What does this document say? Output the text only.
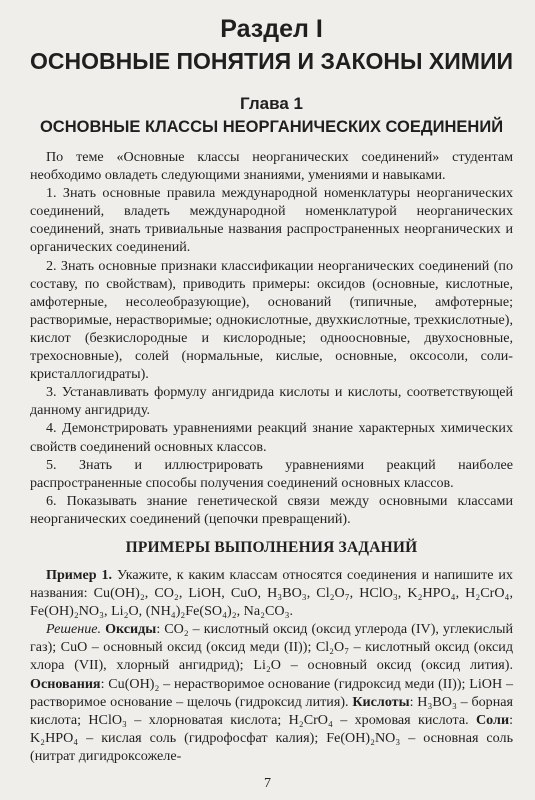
Раздел I
ОСНОВНЫЕ ПОНЯТИЯ И ЗАКОНЫ ХИМИИ
Глава 1
ОСНОВНЫЕ КЛАССЫ НЕОРГАНИЧЕСКИХ СОЕДИНЕНИЙ

По теме «Основные классы неорганических соединений» студентам необходимо овладеть следующими знаниями, умениями и навыками.

1. Знать основные правила международной номенклатуры неорганических соединений, владеть международной номенклатурой неорганических соединений, знать тривиальные названия распространенных неорганических и органических соединений.

2. Знать основные признаки классификации неорганических соединений (по составу, по свойствам), приводить примеры: оксидов (основные, кислотные, амфотерные, несолеобразующие), оснований (типичные, амфотерные; растворимые, нерастворимые; однокислотные, двухкислотные, трехкислотные), кислот (безкислородные и кислородные; одноосновные, двухосновные, трехосновные), солей (нормальные, кислые, основные, оксосоли, соли-кристаллогидраты).

3. Устанавливать формулу ангидрида кислоты и кислоты, соответствующей данному ангидриду.

4. Демонстрировать уравнениями реакций знание характерных химических свойств соединений основных классов.

5. Знать и иллюстрировать уравнениями реакций наиболее распространенные способы получения соединений основных классов.

6. Показывать знание генетической связи между основными классами неорганических соединений (цепочки превращений).

ПРИМЕРЫ ВЫПОЛНЕНИЯ ЗАДАНИЙ

Пример 1. Укажите, к каким классам относятся соединения и напишите их названия: Cu(OH)₂, CO₂, LiOH, CuO, H₃BO₃, Cl₂O₇, HClO₃, K₂HPO₄, H₂CrO₄, Fe(OH)₂NO₃, Li₂O, (NH₄)₂Fe(SO₄)₂, Na₂CO₃.

Решение. Оксиды: CO₂ – кислотный оксид (оксид углерода (IV), углекислый газ); CuO – основный оксид (оксид меди (II)); Cl₂O₇ – кислотный оксид (оксид хлора (VII), хлорный ангидрид); Li₂O – основный оксид (оксид лития). Основания: Cu(OH)₂ – нерастворимое основание (гидроксид меди (II)); LiOH – растворимое основание – щелочь (гидроксид лития). Кислоты: H₃BO₃ – борная кислота; HClO₃ – хлорноватая кислота; H₂CrO₄ – хромовая кислота. Соли: K₂HPO₄ – кислая соль (гидрофосфат калия); Fe(OH)₂NO₃ – основная соль (нитрат дигидроксожеле-

7
